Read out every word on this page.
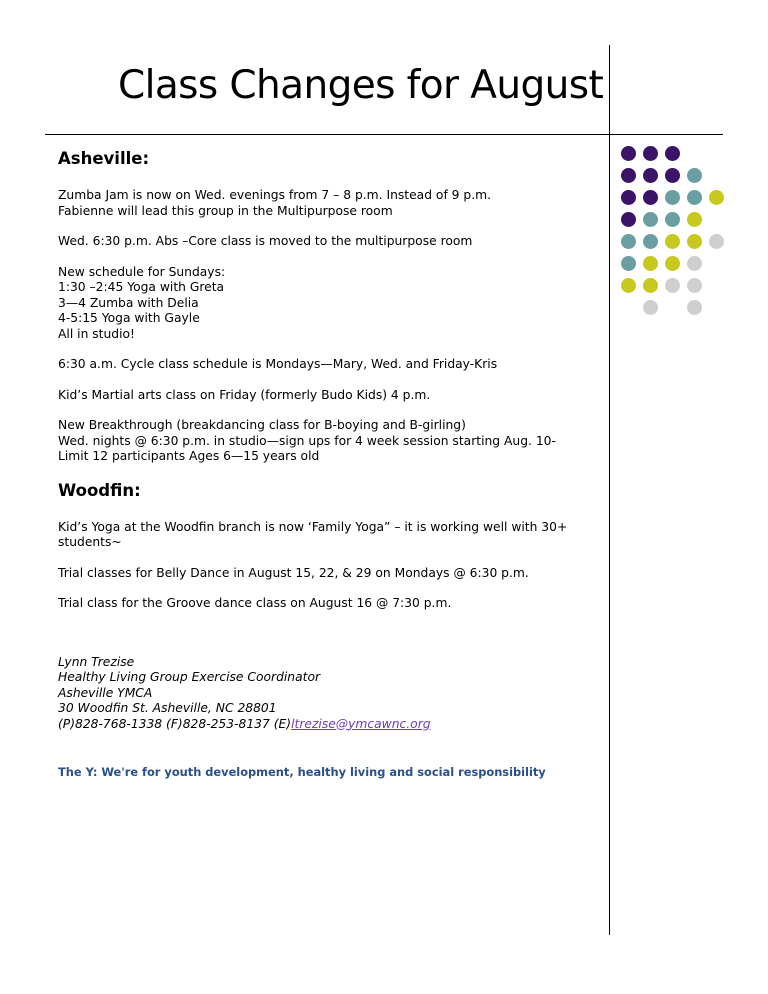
Class Changes for August
Asheville:
Zumba Jam is now on Wed. evenings from 7 – 8 p.m. Instead of 9 p.m.
Fabienne will lead this group in the Multipurpose room
Wed. 6:30 p.m. Abs –Core class is moved to the multipurpose room
New schedule for Sundays:
1:30 –2:45 Yoga with Greta
3—4 Zumba with Delia
4-5:15 Yoga with Gayle
All in studio!
6:30 a.m. Cycle class schedule is Mondays—Mary, Wed. and Friday-Kris
Kid’s Martial arts class on Friday (formerly Budo Kids) 4 p.m.
New Breakthrough (breakdancing class for B-boying and B-girling)
Wed. nights @ 6:30 p.m. in studio—sign ups for 4 week session starting Aug. 10-
Limit 12 participants Ages 6—15 years old
Woodfin:
Kid’s Yoga at the Woodfin branch is now ‘Family Yoga” – it is working well with 30+
students~
Trial classes for Belly Dance in August 15, 22, & 29 on Mondays @ 6:30 p.m.
Trial class for the Groove dance class on August 16 @ 7:30 p.m.
Lynn Trezise
Healthy Living Group Exercise Coordinator
Asheville YMCA
30 Woodfin St. Asheville, NC 28801
(P)828-768-1338 (F)828-253-8137 (E)ltrezise@ymcawnc.org
The Y: We're for youth development, healthy living and social responsibility
